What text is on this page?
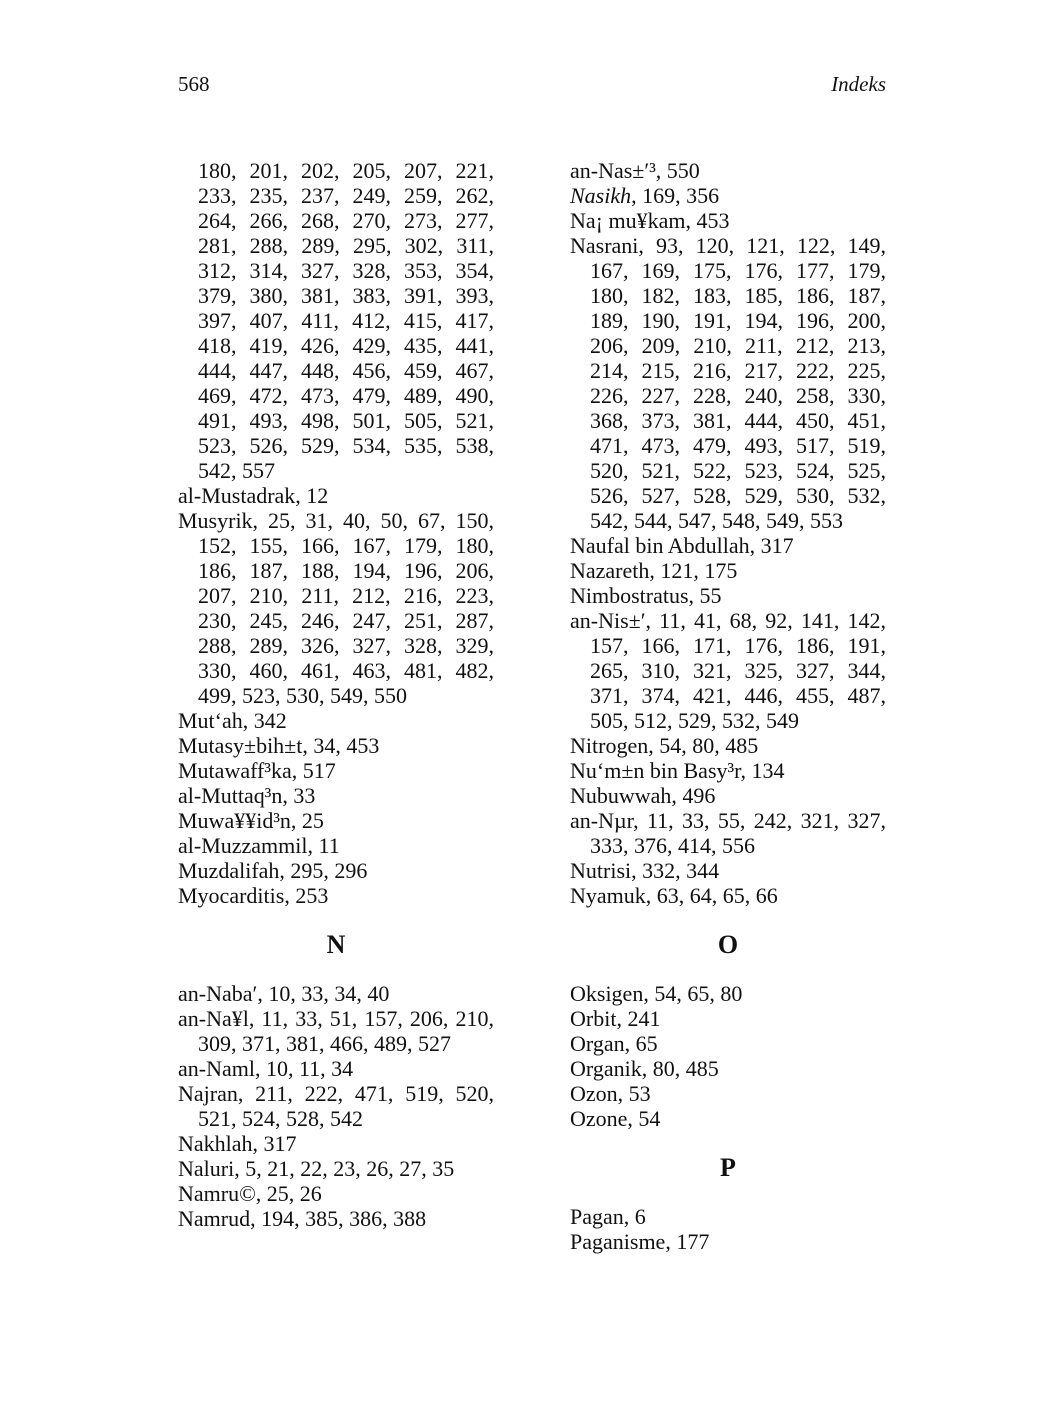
568	Indeks
180, 201, 202, 205, 207, 221, 233, 235, 237, 249, 259, 262, 264, 266, 268, 270, 273, 277, 281, 288, 289, 295, 302, 311, 312, 314, 327, 328, 353, 354, 379, 380, 381, 383, 391, 393, 397, 407, 411, 412, 415, 417, 418, 419, 426, 429, 435, 441, 444, 447, 448, 456, 459, 467, 469, 472, 473, 479, 489, 490, 491, 493, 498, 501, 505, 521, 523, 526, 529, 534, 535, 538, 542, 557
al-Mustadrak, 12
Musyrik, 25, 31, 40, 50, 67, 150, 152, 155, 166, 167, 179, 180, 186, 187, 188, 194, 196, 206, 207, 210, 211, 212, 216, 223, 230, 245, 246, 247, 251, 287, 288, 289, 326, 327, 328, 329, 330, 460, 461, 463, 481, 482, 499, 523, 530, 549, 550
Mut‘ah, 342
Mutasy±bih±t, 34, 453
Mutawaff³ka, 517
al-Muttaq³n, 33
Muwa¥¥id³n, 25
al-Muzzammil, 11
Muzdalifah, 295, 296
Myocarditis, 253
N
an-Naba′, 10, 33, 34, 40
an-Na¥l, 11, 33, 51, 157, 206, 210, 309, 371, 381, 466, 489, 527
an-Naml, 10, 11, 34
Najran, 211, 222, 471, 519, 520, 521, 524, 528, 542
Nakhlah, 317
Naluri, 5, 21, 22, 23, 26, 27, 35
Namru©, 25, 26
Namrud, 194, 385, 386, 388
an-Nas±′³, 550
Nasikh, 169, 356
Na¡ mu¥kam, 453
Nasrani, 93, 120, 121, 122, 149, 167, 169, 175, 176, 177, 179, 180, 182, 183, 185, 186, 187, 189, 190, 191, 194, 196, 200, 206, 209, 210, 211, 212, 213, 214, 215, 216, 217, 222, 225, 226, 227, 228, 240, 258, 330, 368, 373, 381, 444, 450, 451, 471, 473, 479, 493, 517, 519, 520, 521, 522, 523, 524, 525, 526, 527, 528, 529, 530, 532, 542, 544, 547, 548, 549, 553
Naufal bin Abdullah, 317
Nazareth, 121, 175
Nimbostratus, 55
an-Nis±′, 11, 41, 68, 92, 141, 142, 157, 166, 171, 176, 186, 191, 265, 310, 321, 325, 327, 344, 371, 374, 421, 446, 455, 487, 505, 512, 529, 532, 549
Nitrogen, 54, 80, 485
Nu‘m±n bin Basy³r, 134
Nubuwwah, 496
an-Nµr, 11, 33, 55, 242, 321, 327, 333, 376, 414, 556
Nutrisi, 332, 344
Nyamuk, 63, 64, 65, 66
O
Oksigen, 54, 65, 80
Orbit, 241
Organ, 65
Organik, 80, 485
Ozon, 53
Ozone, 54
P
Pagan, 6
Paganisme, 177
